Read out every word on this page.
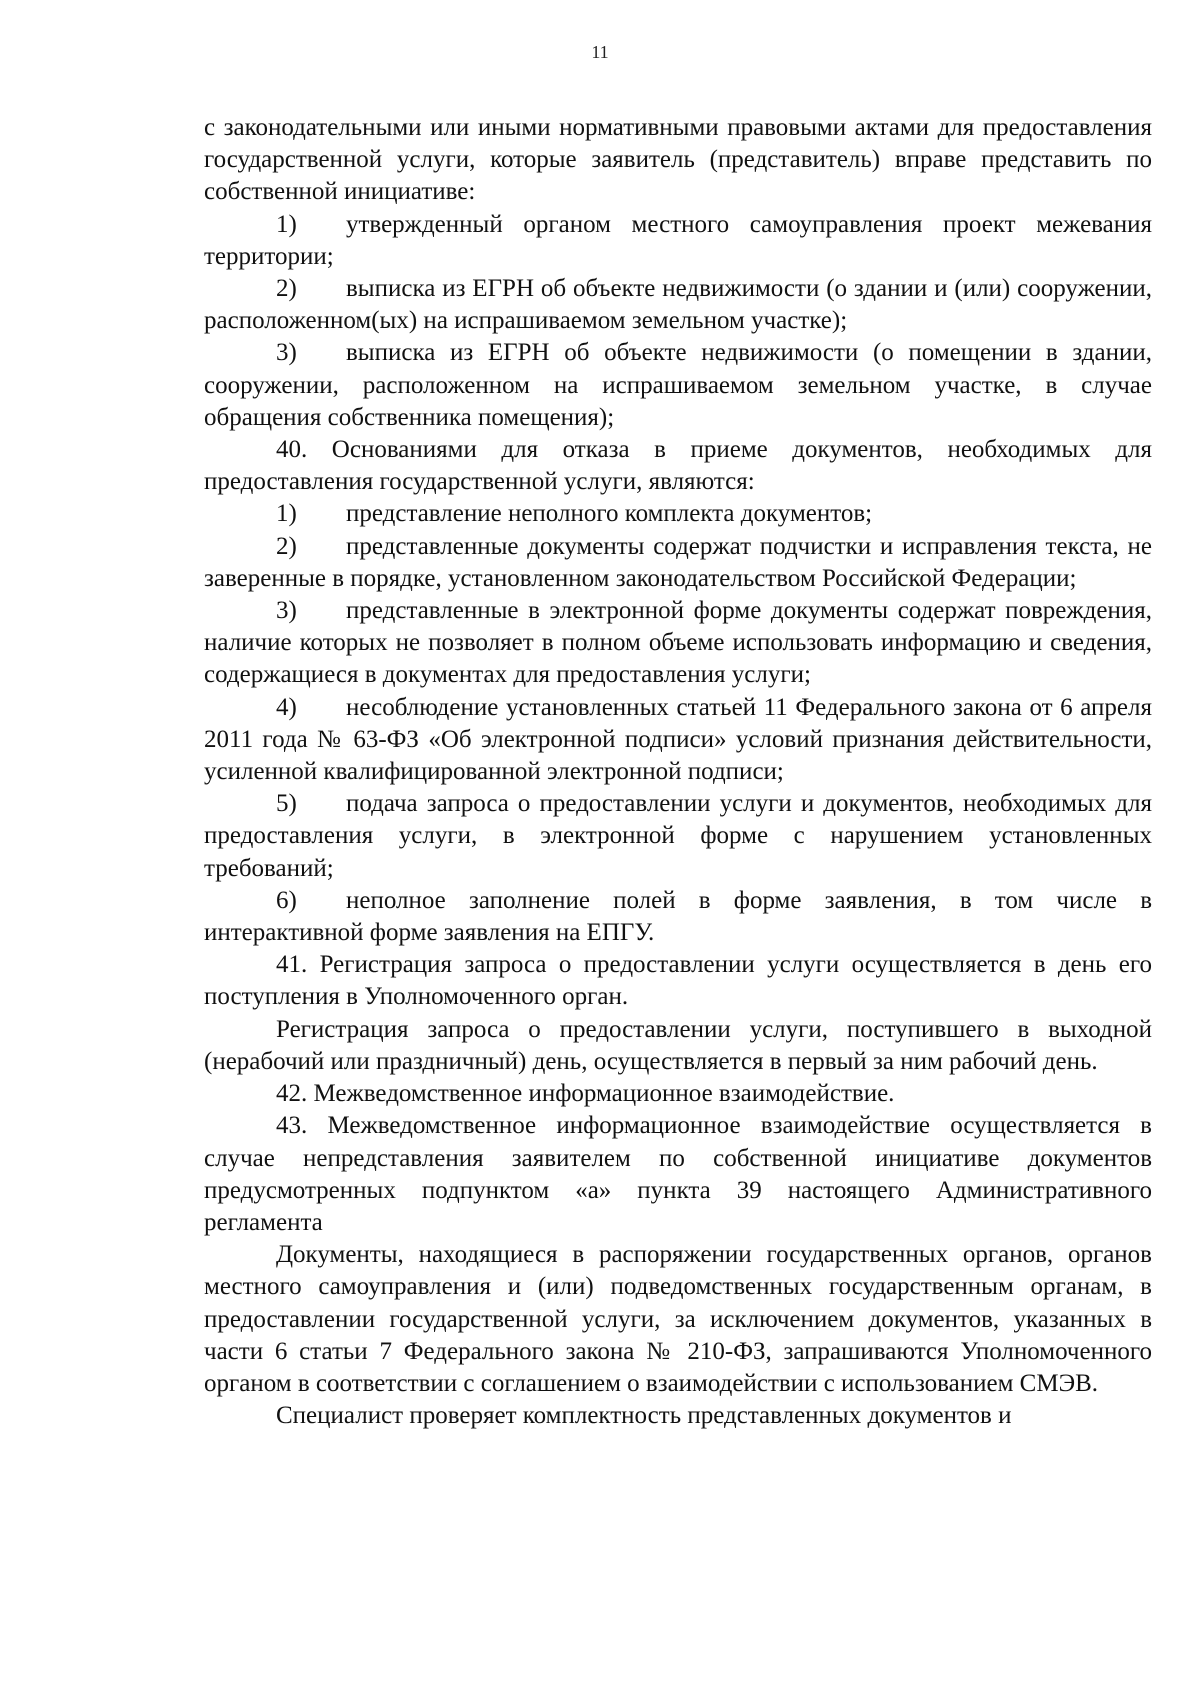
11

с законодательными или иными нормативными правовыми актами для предоставления государственной услуги, которые заявитель (представитель) вправе представить по собственной инициативе:

1) утвержденный органом местного самоуправления проект межевания территории;

2) выписка из ЕГРН об объекте недвижимости (о здании и (или) сооружении, расположенном(ых) на испрашиваемом земельном участке);

3) выписка из ЕГРН об объекте недвижимости (о помещении в здании, сооружении, расположенном на испрашиваемом земельном участке, в случае обращения собственника помещения);

40. Основаниями для отказа в приеме документов, необходимых для предоставления государственной услуги, являются:

1) представление неполного комплекта документов;

2) представленные документы содержат подчистки и исправления текста, не заверенные в порядке, установленном законодательством Российской Федерации;

3) представленные в электронной форме документы содержат повреждения, наличие которых не позволяет в полном объеме использовать информацию и сведения, содержащиеся в документах для предоставления услуги;

4) несоблюдение установленных статьей 11 Федерального закона от 6 апреля 2011 года № 63-ФЗ «Об электронной подписи» условий признания действительности, усиленной квалифицированной электронной подписи;

5) подача запроса о предоставлении услуги и документов, необходимых для предоставления услуги, в электронной форме с нарушением установленных требований;

6) неполное заполнение полей в форме заявления, в том числе в интерактивной форме заявления на ЕПГУ.

41. Регистрация запроса о предоставлении услуги осуществляется в день его поступления в Уполномоченного орган.

Регистрация запроса о предоставлении услуги, поступившего в выходной (нерабочий или праздничный) день, осуществляется в первый за ним рабочий день.

42. Межведомственное информационное взаимодействие.

43. Межведомственное информационное взаимодействие осуществляется в случае непредставления заявителем по собственной инициативе документов предусмотренных подпунктом «а» пункта 39 настоящего Административного регламента

Документы, находящиеся в распоряжении государственных органов, органов местного самоуправления и (или) подведомственных государственным органам, в предоставлении государственной услуги, за исключением документов, указанных в части 6 статьи 7 Федерального закона № 210-ФЗ, запрашиваются Уполномоченного органом в соответствии с соглашением о взаимодействии с использованием СМЭВ.

Специалист проверяет комплектность представленных документов и
